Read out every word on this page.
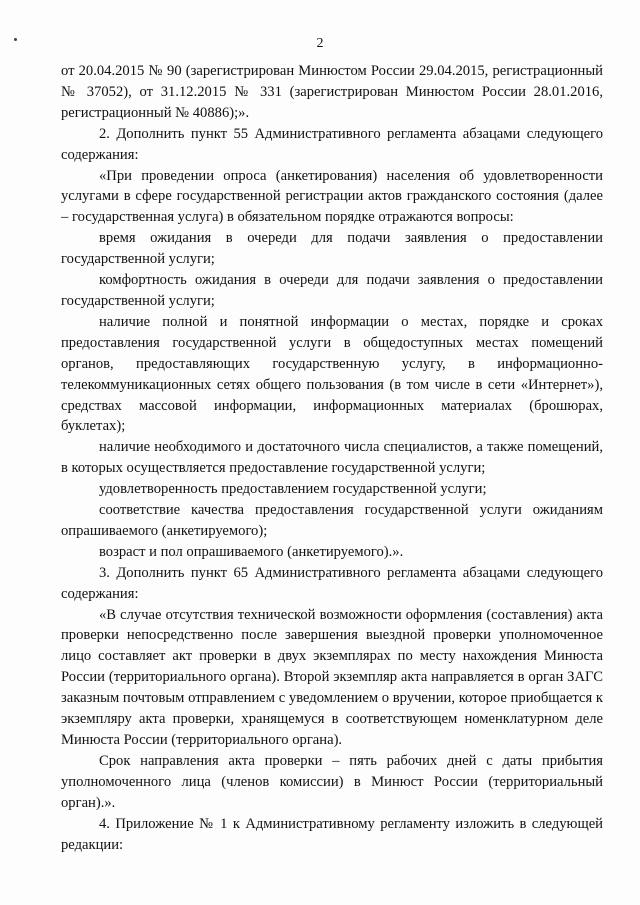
2

от 20.04.2015 № 90 (зарегистрирован Минюстом России 29.04.2015, регистрационный № 37052), от 31.12.2015 № 331 (зарегистрирован Минюстом России 28.01.2016, регистрационный № 40886);».

2. Дополнить пункт 55 Административного регламента абзацами следующего содержания:

«При проведении опроса (анкетирования) населения об удовлетворенности услугами в сфере государственной регистрации актов гражданского состояния (далее – государственная услуга) в обязательном порядке отражаются вопросы:

время ожидания в очереди для подачи заявления о предоставлении государственной услуги;

комфортность ожидания в очереди для подачи заявления о предоставлении государственной услуги;

наличие полной и понятной информации о местах, порядке и сроках предоставления государственной услуги в общедоступных местах помещений органов, предоставляющих государственную услугу, в информационно-телекоммуникационных сетях общего пользования (в том числе в сети «Интернет»), средствах массовой информации, информационных материалах (брошюрах, буклетах);

наличие необходимого и достаточного числа специалистов, а также помещений, в которых осуществляется предоставление государственной услуги;

удовлетворенность предоставлением государственной услуги;

соответствие качества предоставления государственной услуги ожиданиям опрашиваемого (анкетируемого);

возраст и пол опрашиваемого (анкетируемого).».

3. Дополнить пункт 65 Административного регламента абзацами следующего содержания:

«В случае отсутствия технической возможности оформления (составления) акта проверки непосредственно после завершения выездной проверки уполномоченное лицо составляет акт проверки в двух экземплярах по месту нахождения Минюста России (территориального органа). Второй экземпляр акта направляется в орган ЗАГС заказным почтовым отправлением с уведомлением о вручении, которое приобщается к экземпляру акта проверки, хранящемуся в соответствующем номенклатурном деле Минюста России (территориального органа).

Срок направления акта проверки – пять рабочих дней с даты прибытия уполномоченного лица (членов комиссии) в Минюст России (территориальный орган).».

4. Приложение № 1 к Административному регламенту изложить в следующей редакции:
